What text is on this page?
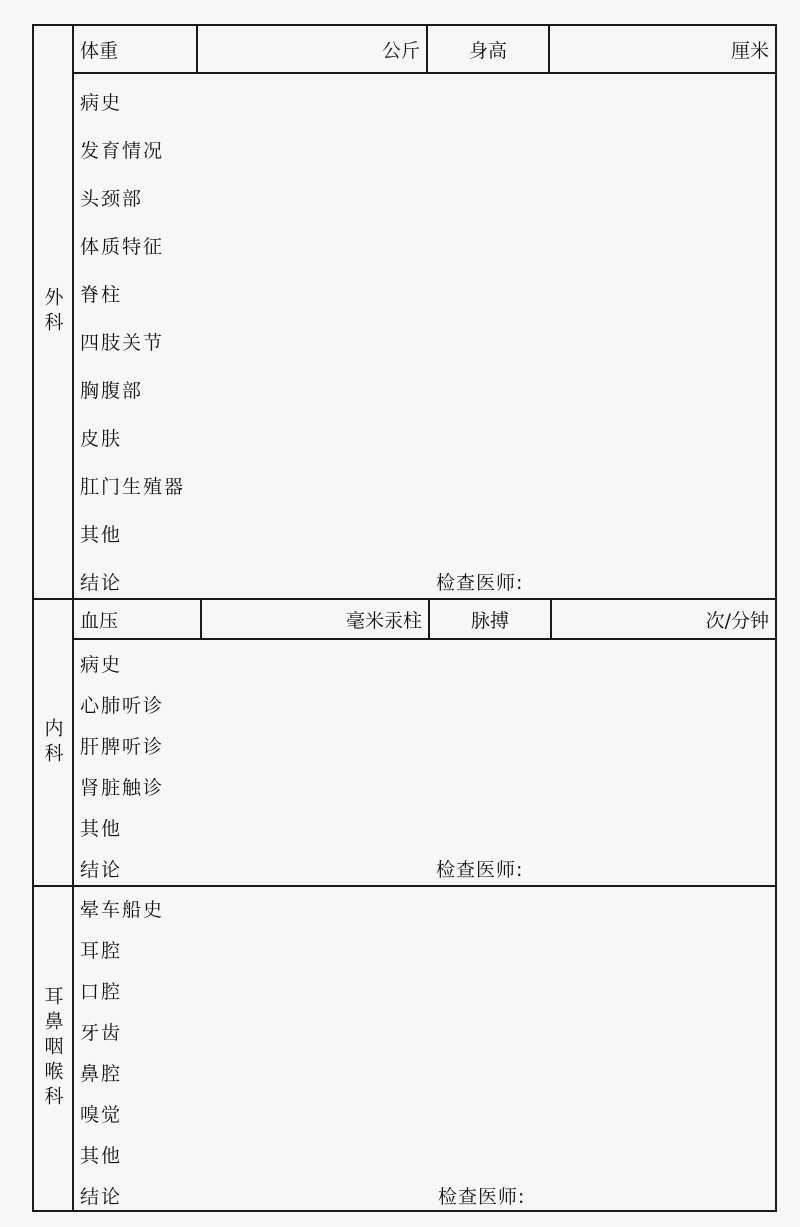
外科
体重	公斤	身高	厘米
病史
发育情况
头颈部
体质特征
脊柱
四肢关节
胸腹部
皮肤
肛门生殖器
其他
结论	检查医师:
内科
血压	毫米汞柱	脉搏	次/分钟
病史
心肺听诊
肝脾听诊
肾脏触诊
其他
结论	检查医师:
耳鼻咽喉科
晕车船史
耳腔
口腔
牙齿
鼻腔
嗅觉
其他
结论	检查医师:
